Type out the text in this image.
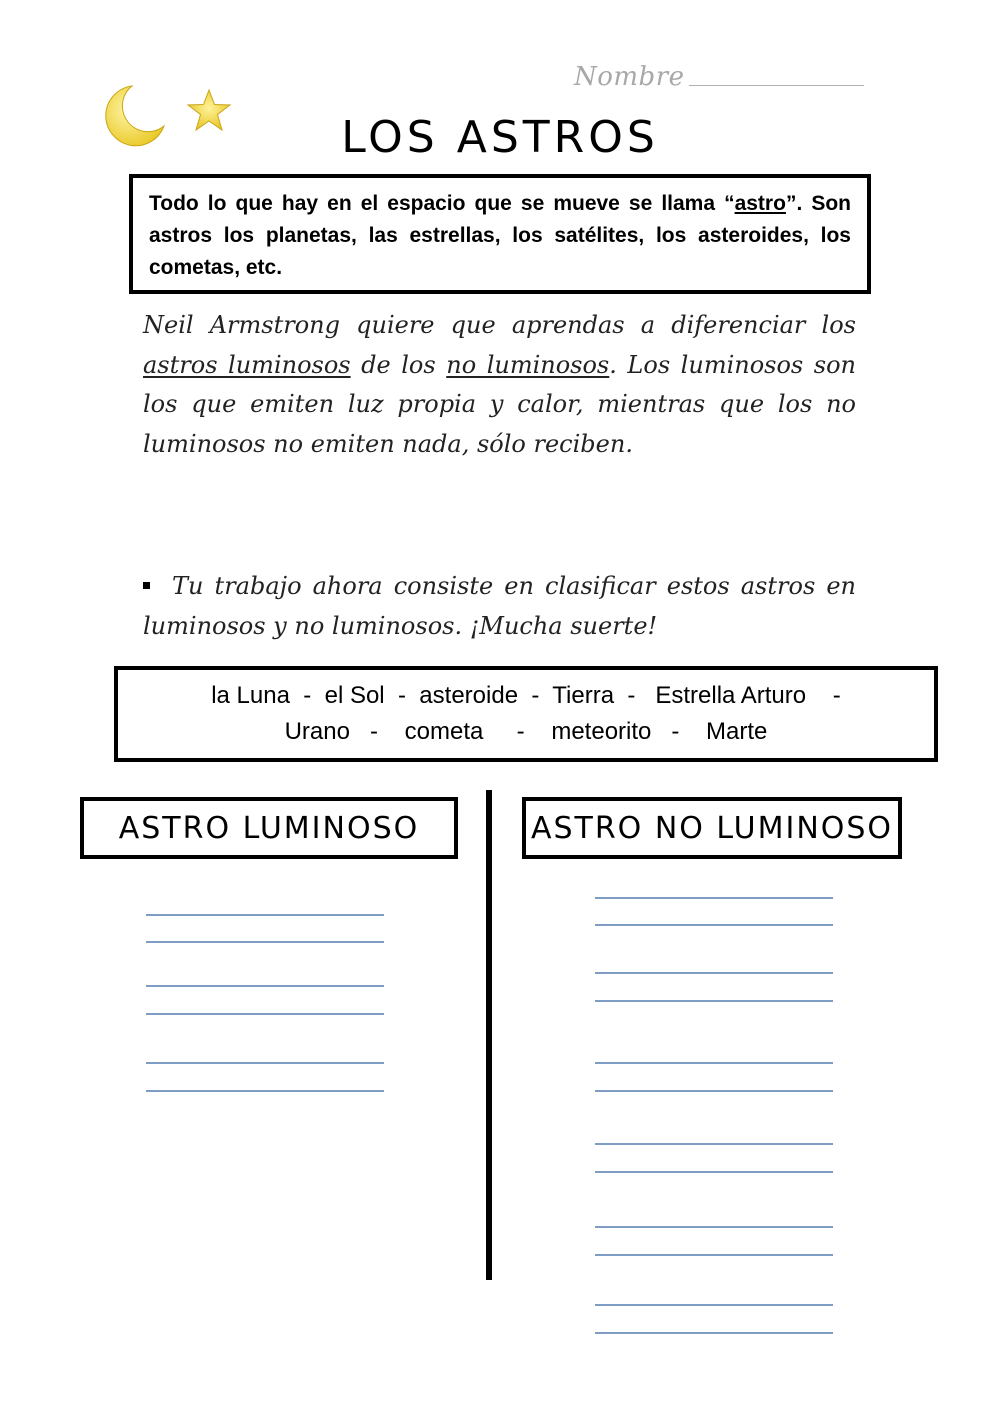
Nombre
LOS ASTROS

Todo lo que hay en el espacio que se mueve se llama “astro”. Son astros los planetas, las estrellas, los satélites, los asteroides, los cometas, etc.

Neil Armstrong quiere que aprendas a diferenciar los astros luminosos de los no luminosos. Los luminosos son los que emiten luz propia y calor, mientras que los no luminosos no emiten nada, sólo reciben.

Tu trabajo ahora consiste en clasificar estos astros en luminosos y no luminosos. ¡Mucha suerte!

la Luna  -  el Sol  -  asteroide  -  Tierra  -   Estrella Arturo    -
Urano   -    cometa     -    meteorito   -    Marte
ASTRO LUMINOSO	ASTRO NO LUMINOSO
